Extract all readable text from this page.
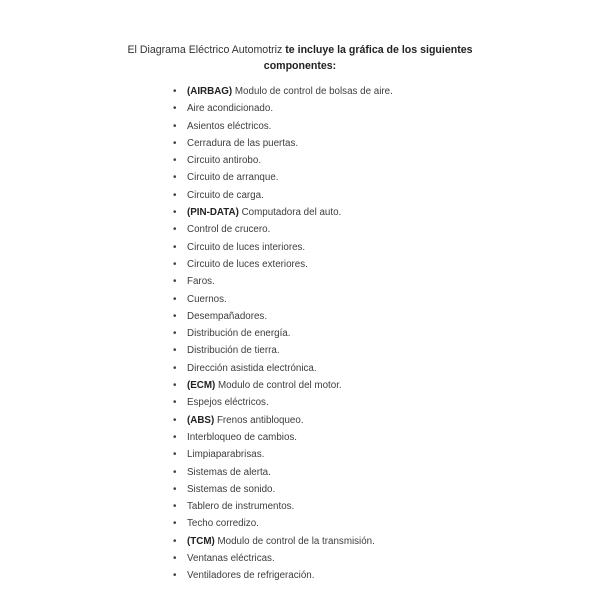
El Diagrama Eléctrico Automotriz te incluye la gráfica de los siguientes
componentes:
• (AIRBAG) Modulo de control de bolsas de aire.
• Aire acondicionado.
• Asientos eléctricos.
• Cerradura de las puertas.
• Circuito antirobo.
• Circuito de arranque.
• Circuito de carga.
• (PIN-DATA) Computadora del auto.
• Control de crucero.
• Circuito de luces interiores.
• Circuito de luces exteriores.
• Faros.
• Cuernos.
• Desempañadores.
• Distribución de energía.
• Distribución de tierra.
• Dirección asistida electrónica.
• (ECM) Modulo de control del motor.
• Espejos eléctricos.
• (ABS) Frenos antibloqueo.
• Interbloqueo de cambios.
• Limpiaparabrisas.
• Sistemas de alerta.
• Sistemas de sonido.
• Tablero de instrumentos.
• Techo corredizo.
• (TCM) Modulo de control de la transmisión.
• Ventanas eléctricas.
• Ventiladores de refrigeración.
